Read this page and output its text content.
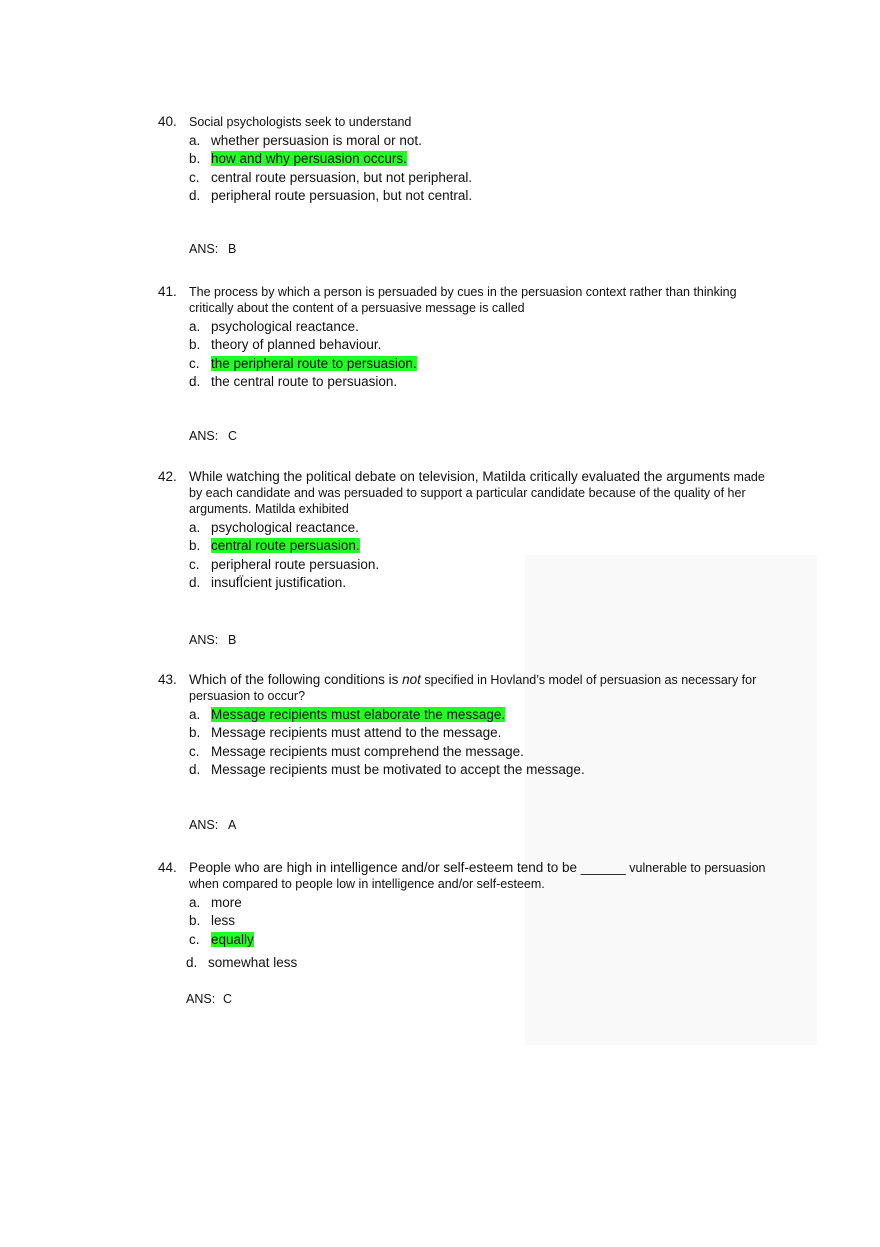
40. Social psychologists seek to understand
a. whether persuasion is moral or not.
b. how and why persuasion occurs.
c. central route persuasion, but not peripheral.
d. peripheral route persuasion, but not central.
ANS: B
41. The process by which a person is persuaded by cues in the persuasion context rather than thinking critically about the content of a persuasive message is called
a. psychological reactance.
b. theory of planned behaviour.
c. the peripheral route to persuasion.
d. the central route to persuasion.
ANS: C
42. While watching the political debate on television, Matilda critically evaluated the arguments made by each candidate and was persuaded to support a particular candidate because of the quality of her arguments. Matilda exhibited
a. psychological reactance.
b. central route persuasion.
c. peripheral route persuasion.
d. insufÏcient justification.
ANS: B
43. Which of the following conditions is not specified in Hovland’s model of persuasion as necessary for persuasion to occur?
a. Message recipients must elaborate the message.
b. Message recipients must attend to the message.
c. Message recipients must comprehend the message.
d. Message recipients must be motivated to accept the message.
ANS: A
44. People who are high in intelligence and/or self-esteem tend to be ______ vulnerable to persuasion when compared to people low in intelligence and/or self-esteem.
a. more
b. less
c. equally
d. somewhat less
ANS: C
